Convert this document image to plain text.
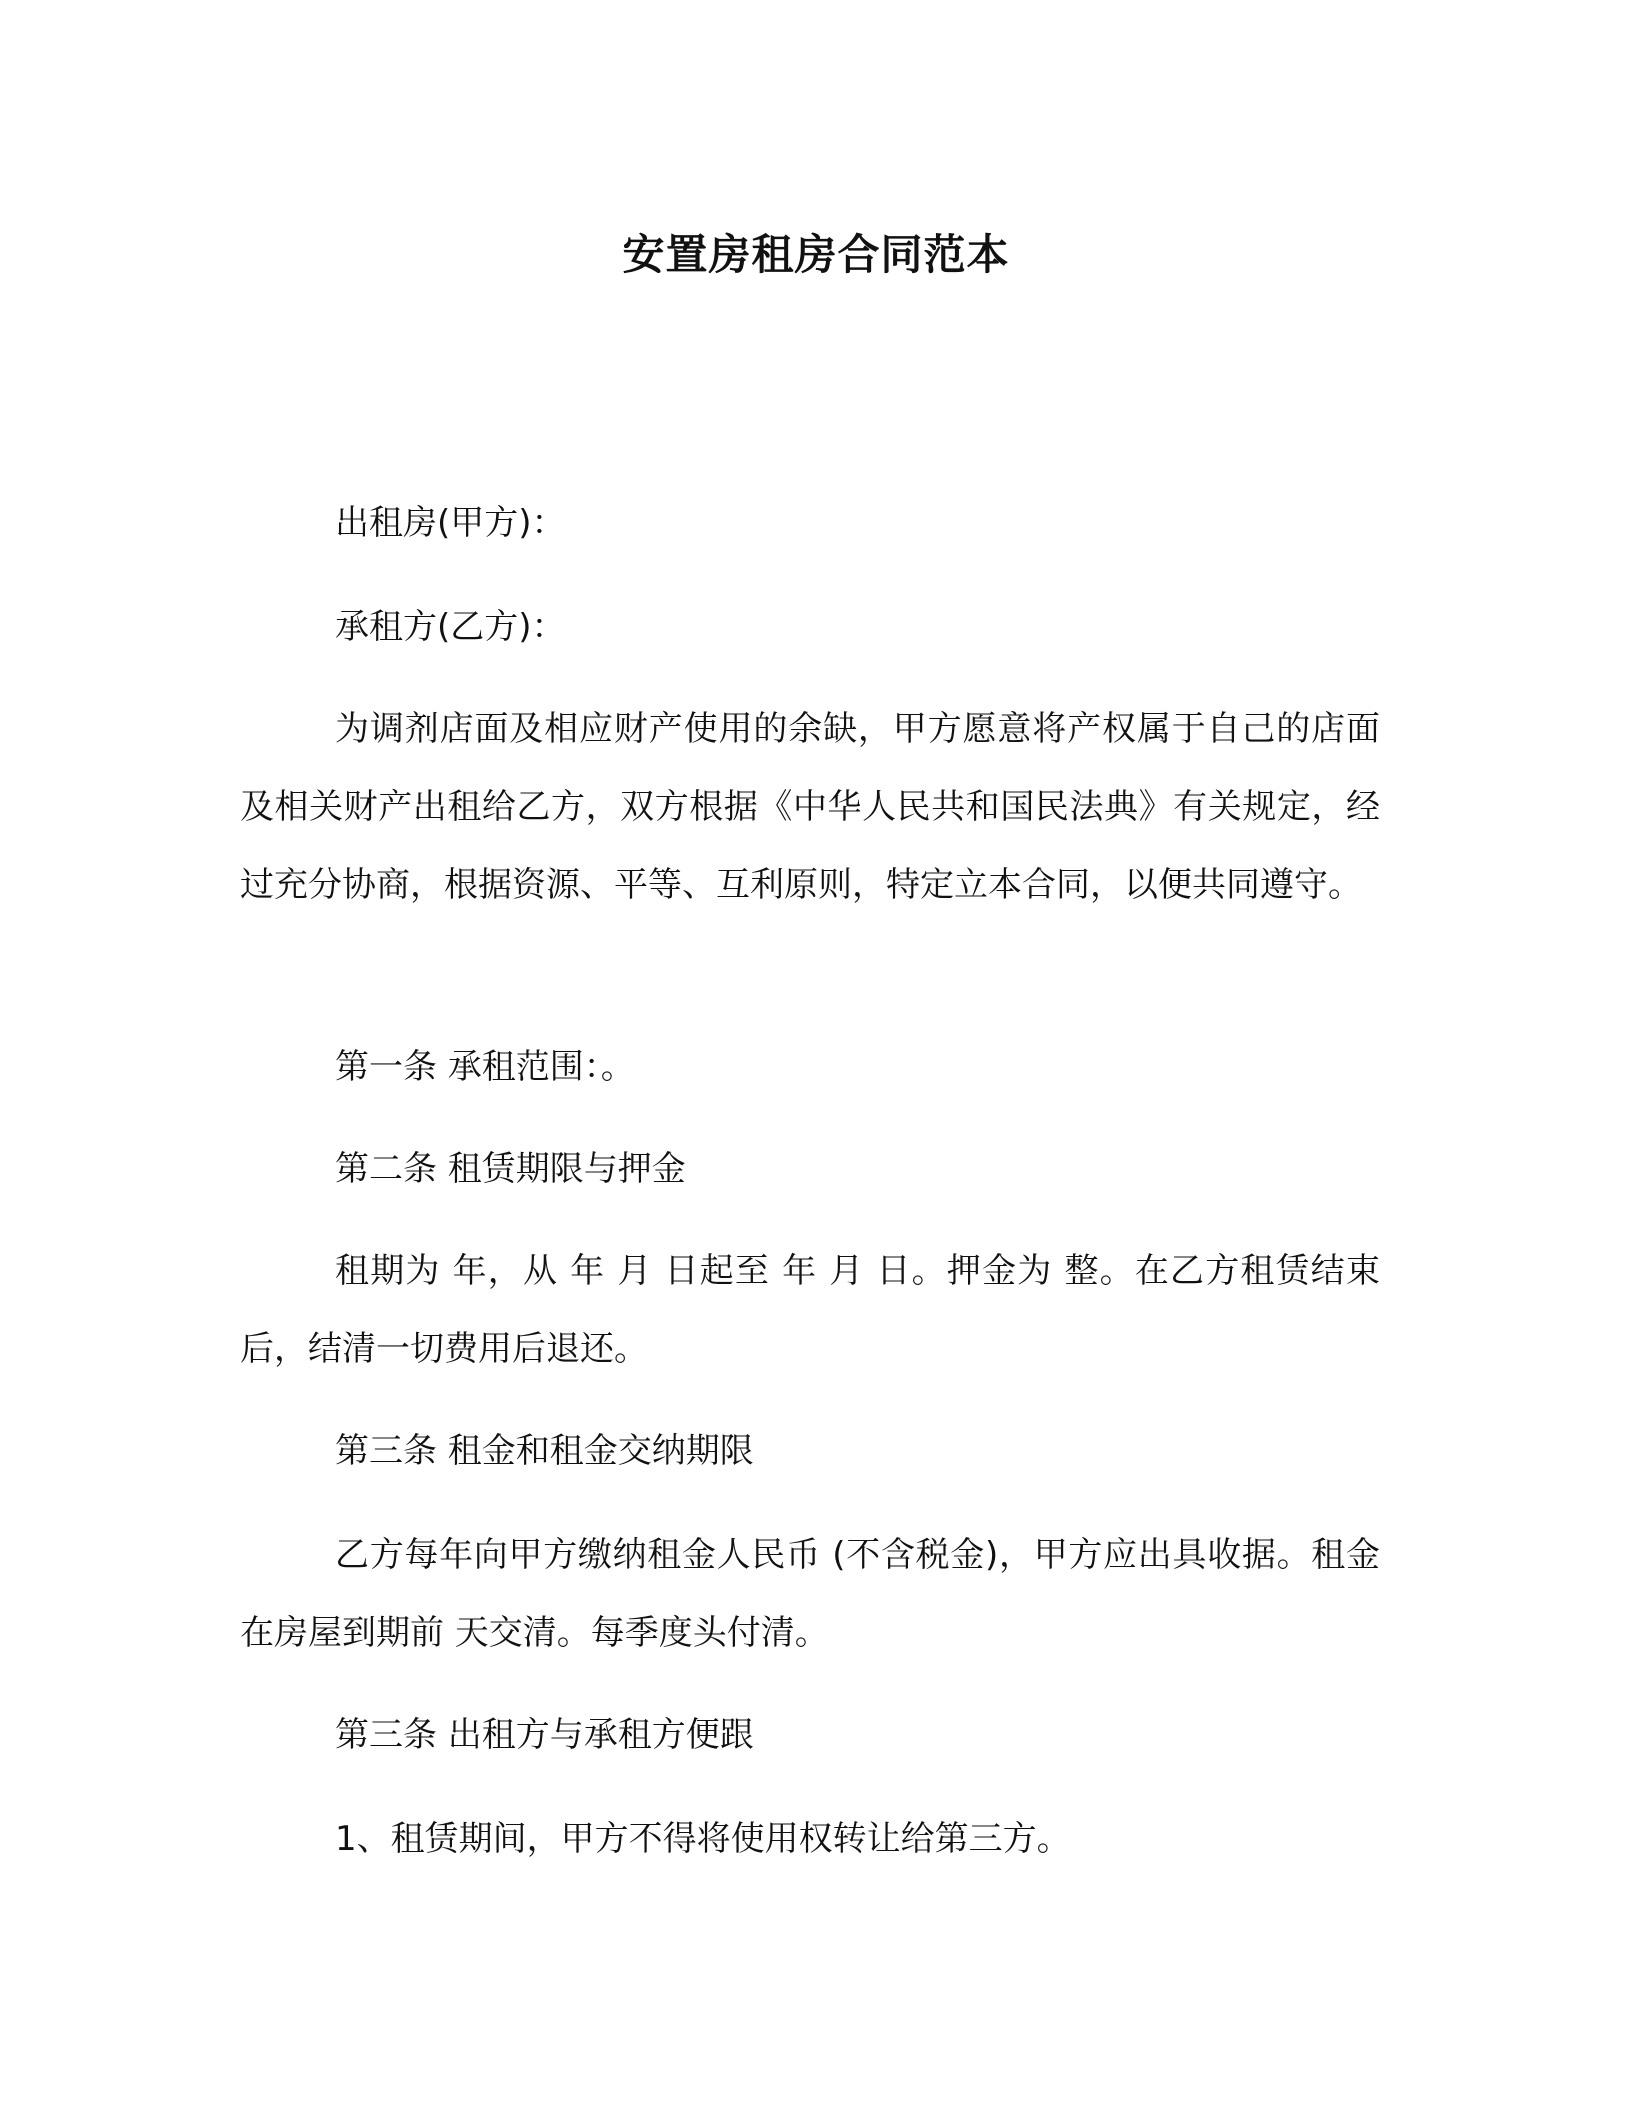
安置房租房合同范本

出租房(甲方)：

承租方(乙方)：

为调剂店面及相应财产使用的余缺，甲方愿意将产权属于自己的店面及相关财产出租给乙方，双方根据《中华人民共和国民法典》有关规定，经过充分协商，根据资源、平等、互利原则，特定立本合同，以便共同遵守。

第一条 承租范围：。

第二条 租赁期限与押金

租期为 年，从 年 月 日起至 年 月 日。押金为 整。在乙方租赁结束后，结清一切费用后退还。

第三条 租金和租金交纳期限

乙方每年向甲方缴纳租金人民币 (不含税金)，甲方应出具收据。租金在房屋到期前 天交清。每季度头付清。

第三条 出租方与承租方便跟

1、租赁期间，甲方不得将使用权转让给第三方。
